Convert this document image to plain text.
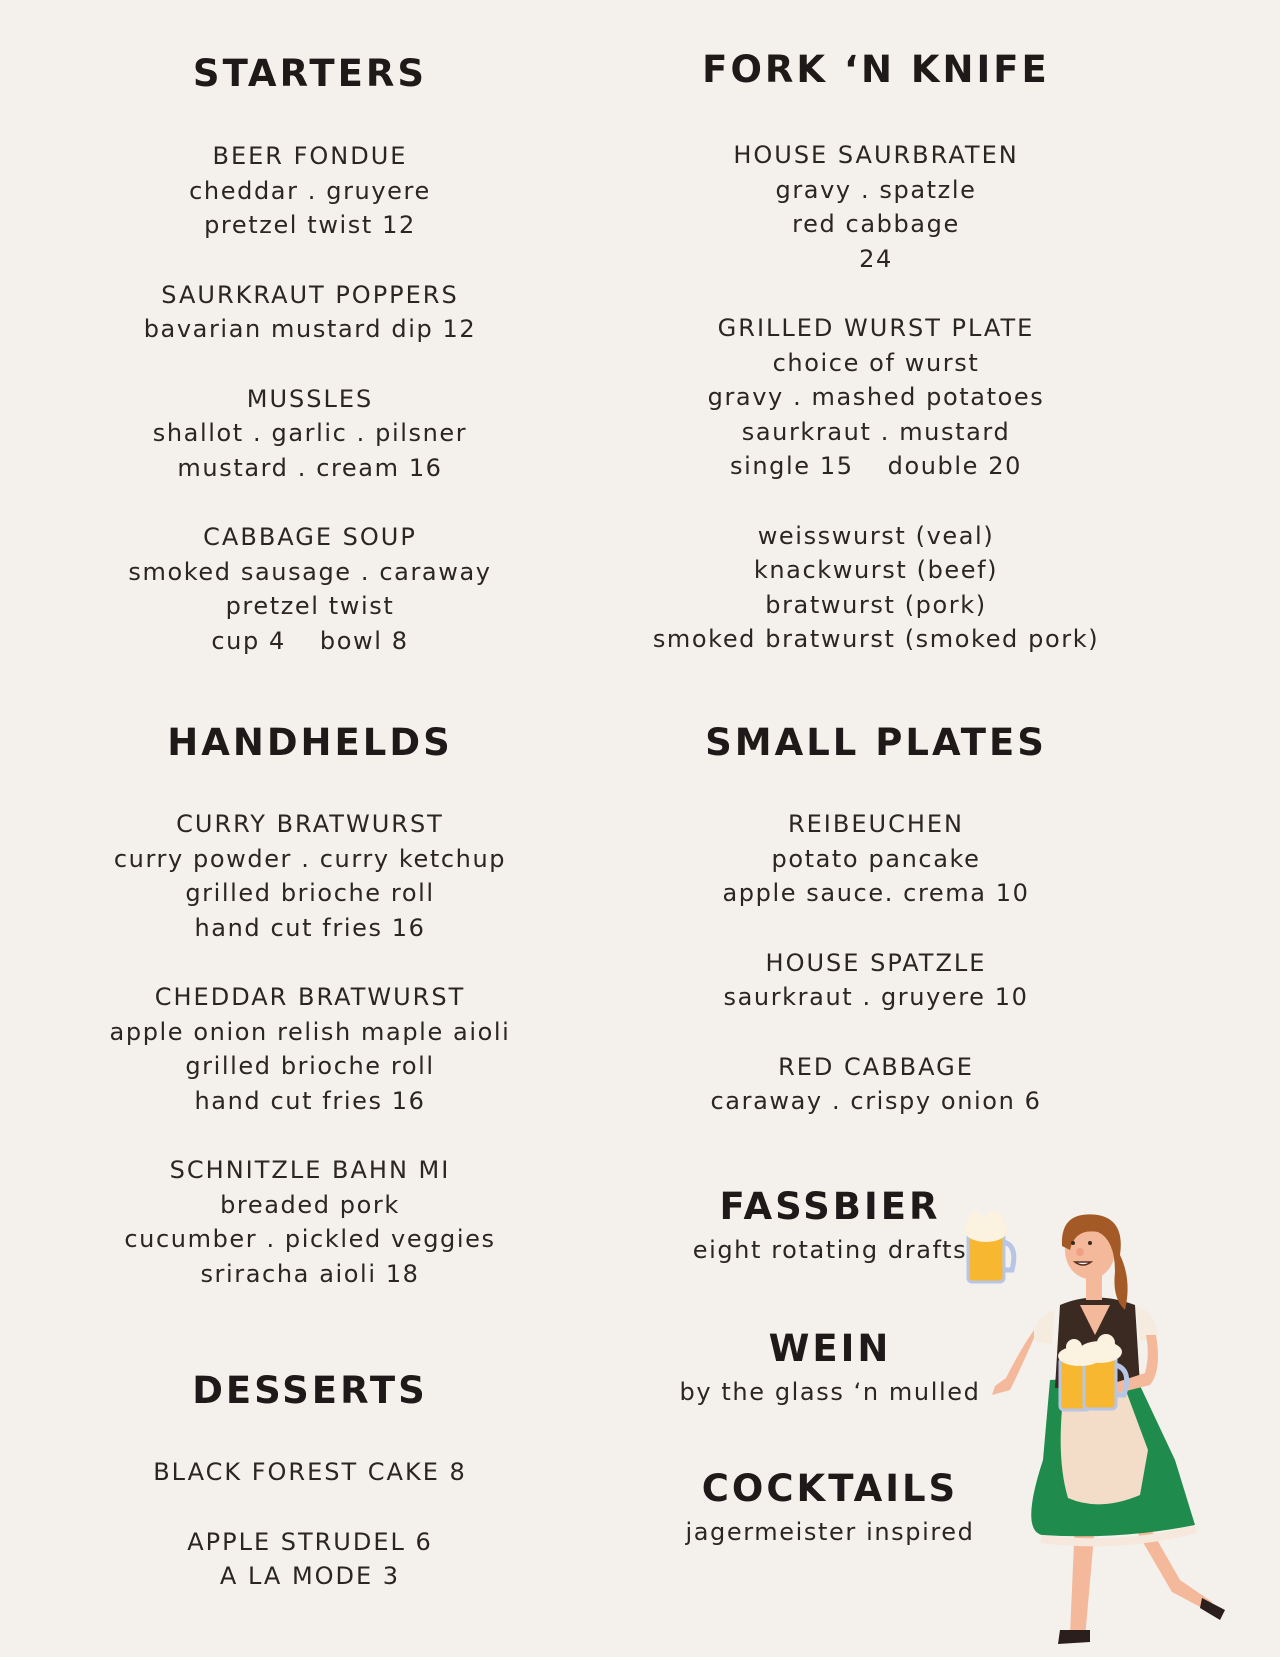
STARTERS
BEER FONDUE
cheddar . gruyere
pretzel twist 12
SAURKRAUT POPPERS
bavarian mustard dip 12
MUSSLES
shallot . garlic . pilsner
mustard . cream 16
CABBAGE SOUP
smoked sausage . caraway
pretzel twist
cup 4 bowl 8
FORK ‘N KNIFE
HOUSE SAURBRATEN
gravy . spatzle
red cabbage
24
GRILLED WURST PLATE
choice of wurst
gravy . mashed potatoes
saurkraut . mustard
single 15 double 20
weisswurst (veal)
knackwurst (beef)
bratwurst (pork)
smoked bratwurst (smoked pork)
HANDHELDS
CURRY BRATWURST
curry powder . curry ketchup
grilled brioche roll
hand cut fries 16
CHEDDAR BRATWURST
apple onion relish maple aioli
grilled brioche roll
hand cut fries 16
SCHNITZLE BAHN MI
breaded pork
cucumber . pickled veggies
sriracha aioli 18
SMALL PLATES
REIBEUCHEN
potato pancake
apple sauce. crema 10
HOUSE SPATZLE
saurkraut . gruyere 10
RED CABBAGE
caraway . crispy onion 6
DESSERTS
BLACK FOREST CAKE 8
APPLE STRUDEL 6
A LA MODE 3
FASSBIER
eight rotating drafts
WEIN
by the glass ‘n mulled
COCKTAILS
jagermeister inspired
